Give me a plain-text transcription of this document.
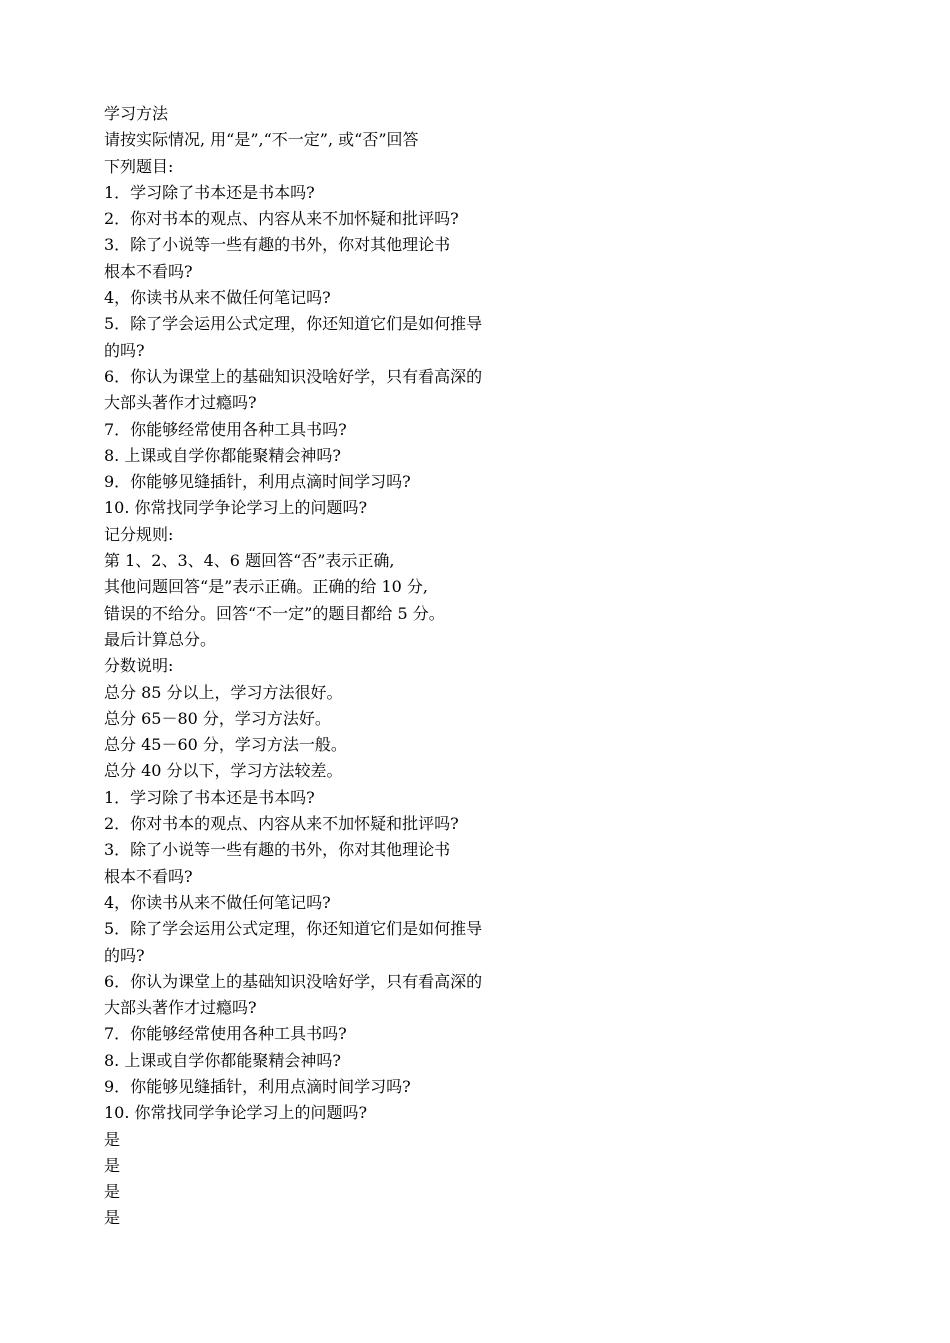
学习方法
请按实际情况, 用“是”,“不一定”, 或“否”回答
下列题目:
1．学习除了书本还是书本吗?
2．你对书本的观点、内容从来不加怀疑和批评吗?
3．除了小说等一些有趣的书外，你对其他理论书
根本不看吗?
4，你读书从来不做任何笔记吗?
5．除了学会运用公式定理，你还知道它们是如何推导
的吗?
6．你认为课堂上的基础知识没啥好学，只有看高深的
大部头著作才过瘾吗?
7．你能够经常使用各种工具书吗?
8. 上课或自学你都能聚精会神吗?
9．你能够见缝插针，利用点滴时间学习吗?
10. 你常找同学争论学习上的问题吗?
记分规则:
第 1、2、3、4、6 题回答“否”表示正确,
其他问题回答“是”表示正确。正确的给 10 分,
错误的不给分。回答“不一定”的题目都给 5 分。
最后计算总分。
分数说明:
总分 85 分以上，学习方法很好。
总分 65－80 分，学习方法好。
总分 45－60 分，学习方法一般。
总分 40 分以下，学习方法较差。
1．学习除了书本还是书本吗?
2．你对书本的观点、内容从来不加怀疑和批评吗?
3．除了小说等一些有趣的书外，你对其他理论书
根本不看吗?
4，你读书从来不做任何笔记吗?
5．除了学会运用公式定理，你还知道它们是如何推导
的吗?
6．你认为课堂上的基础知识没啥好学，只有看高深的
大部头著作才过瘾吗?
7．你能够经常使用各种工具书吗?
8. 上课或自学你都能聚精会神吗?
9．你能够见缝插针，利用点滴时间学习吗?
10. 你常找同学争论学习上的问题吗?
是
是
是
是
